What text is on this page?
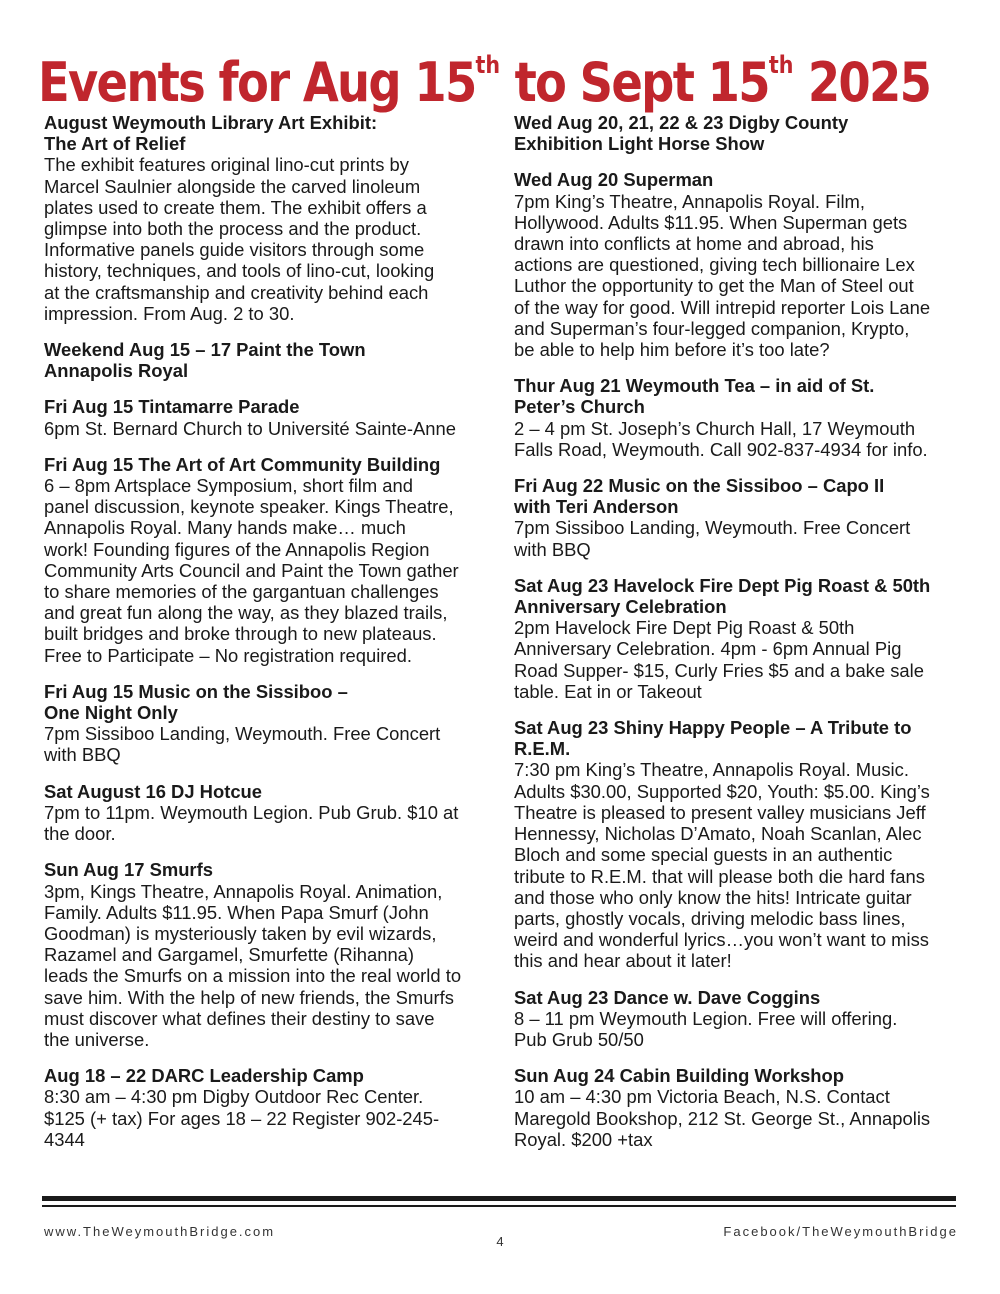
Events for Aug 15th to Sept 15th 2025
August Weymouth Library Art Exhibit:
The Art of Relief
The exhibit features original lino-cut prints by
Marcel Saulnier alongside the carved linoleum
plates used to create them. The exhibit offers a
glimpse into both the process and the product.
Informative panels guide visitors through some
history, techniques, and tools of lino-cut, looking
at the craftsmanship and creativity behind each
impression. From Aug. 2 to 30.
Weekend Aug 15 – 17 Paint the Town
Annapolis Royal
Fri Aug 15 Tintamarre Parade
6pm St. Bernard Church to Université Sainte-Anne
Fri Aug 15 The Art of Art Community Building
6 – 8pm Artsplace Symposium, short film and
panel discussion, keynote speaker. Kings Theatre,
Annapolis Royal. Many hands make… much
work! Founding figures of the Annapolis Region
Community Arts Council and Paint the Town gather
to share memories of the gargantuan challenges
and great fun along the way, as they blazed trails,
built bridges and broke through to new plateaus.
Free to Participate – No registration required.
Fri Aug 15 Music on the Sissiboo –
One Night Only
7pm Sissiboo Landing, Weymouth. Free Concert
with BBQ
Sat August 16 DJ Hotcue
7pm to 11pm. Weymouth Legion. Pub Grub. $10 at
the door.
Sun Aug 17 Smurfs
3pm, Kings Theatre, Annapolis Royal. Animation,
Family. Adults $11.95. When Papa Smurf (John
Goodman) is mysteriously taken by evil wizards,
Razamel and Gargamel, Smurfette (Rihanna)
leads the Smurfs on a mission into the real world to
save him. With the help of new friends, the Smurfs
must discover what defines their destiny to save
the universe.
Aug 18 – 22 DARC Leadership Camp
8:30 am – 4:30 pm Digby Outdoor Rec Center.
$125 (+ tax) For ages 18 – 22 Register 902-245-
4344
Wed Aug 20, 21, 22 & 23 Digby County
Exhibition Light Horse Show
Wed Aug 20 Superman
7pm King’s Theatre, Annapolis Royal. Film,
Hollywood. Adults $11.95. When Superman gets
drawn into conflicts at home and abroad, his
actions are questioned, giving tech billionaire Lex
Luthor the opportunity to get the Man of Steel out
of the way for good. Will intrepid reporter Lois Lane
and Superman’s four-legged companion, Krypto,
be able to help him before it’s too late?
Thur Aug 21 Weymouth Tea – in aid of St.
Peter’s Church
2 – 4 pm St. Joseph’s Church Hall, 17 Weymouth
Falls Road, Weymouth. Call 902-837-4934 for info.
Fri Aug 22 Music on the Sissiboo – Capo II
with Teri Anderson
7pm Sissiboo Landing, Weymouth. Free Concert
with BBQ
Sat Aug 23 Havelock Fire Dept Pig Roast & 50th
Anniversary Celebration
2pm Havelock Fire Dept Pig Roast & 50th
Anniversary Celebration. 4pm - 6pm Annual Pig
Road Supper- $15, Curly Fries $5 and a bake sale
table. Eat in or Takeout
Sat Aug 23 Shiny Happy People – A Tribute to
R.E.M.
7:30 pm King’s Theatre, Annapolis Royal. Music.
Adults $30.00, Supported $20, Youth: $5.00. King’s
Theatre is pleased to present valley musicians Jeff
Hennessy, Nicholas D’Amato, Noah Scanlan, Alec
Bloch and some special guests in an authentic
tribute to R.E.M. that will please both die hard fans
and those who only know the hits! Intricate guitar
parts, ghostly vocals, driving melodic bass lines,
weird and wonderful lyrics…you won’t want to miss
this and hear about it later!
Sat Aug 23 Dance w. Dave Coggins
8 – 11 pm Weymouth Legion. Free will offering.
Pub Grub 50/50
Sun Aug 24 Cabin Building Workshop
10 am – 4:30 pm Victoria Beach, N.S. Contact
Maregold Bookshop, 212 St. George St., Annapolis
Royal. $200 +tax
www.TheWeymouthBridge.com
4
Facebook/TheWeymouthBridge
